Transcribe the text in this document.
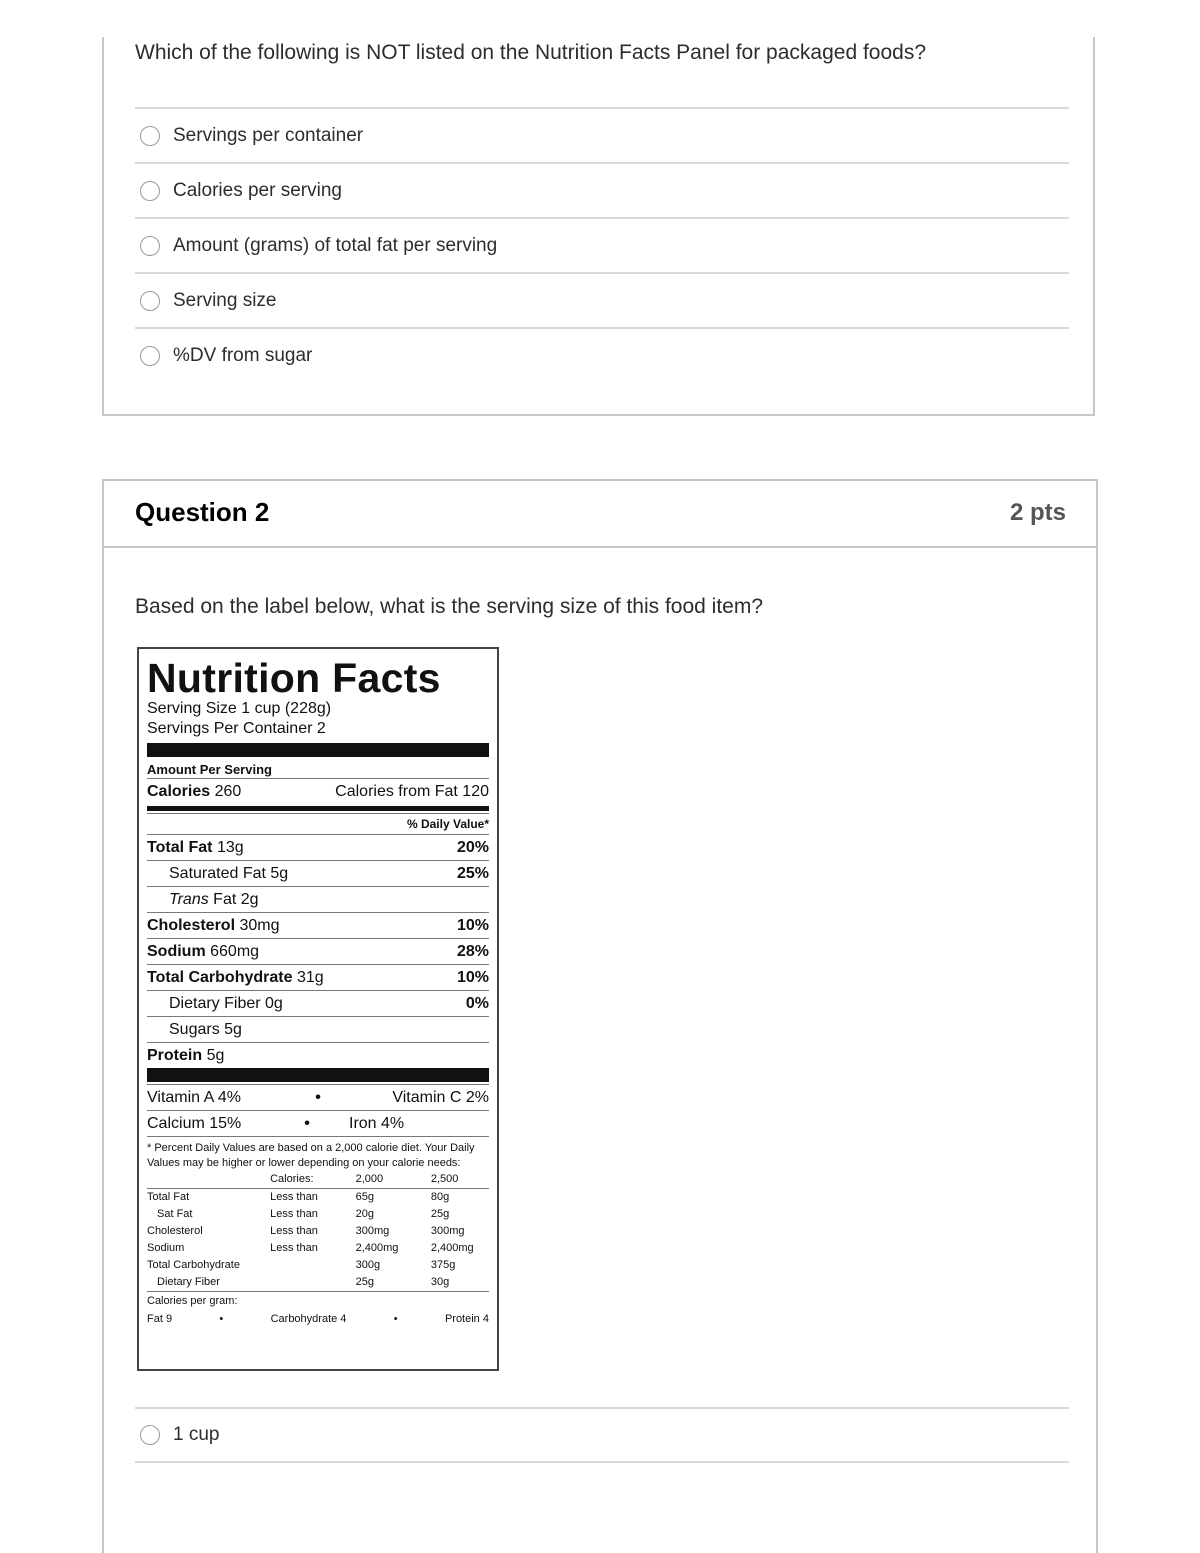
Which of the following is NOT listed on the Nutrition Facts Panel for packaged foods?
Servings per container
Calories per serving
Amount (grams) of total fat per serving
Serving size
%DV from sugar
Question 2	2 pts
Based on the label below, what is the serving size of this food item?
Nutrition Facts
Serving Size 1 cup (228g)
Servings Per Container 2
Amount Per Serving
Calories 260	Calories from Fat 120
% Daily Value*
Total Fat 13g	20%
Saturated Fat 5g	25%
Trans Fat 2g
Cholesterol 30mg	10%
Sodium 660mg	28%
Total Carbohydrate 31g	10%
Dietary Fiber 0g	0%
Sugars 5g
Protein 5g
Vitamin A 4%	•	Vitamin C 2%
Calcium 15%	•	Iron 4%
* Percent Daily Values are based on a 2,000 calorie diet. Your Daily Values may be higher or lower depending on your calorie needs:
	Calories:	2,000	2,500
Total Fat	Less than	65g	80g
Sat Fat	Less than	20g	25g
Cholesterol	Less than	300mg	300mg
Sodium	Less than	2,400mg	2,400mg
Total Carbohydrate		300g	375g
Dietary Fiber		25g	30g
Calories per gram:
Fat 9	•	Carbohydrate 4	•	Protein 4
1 cup
